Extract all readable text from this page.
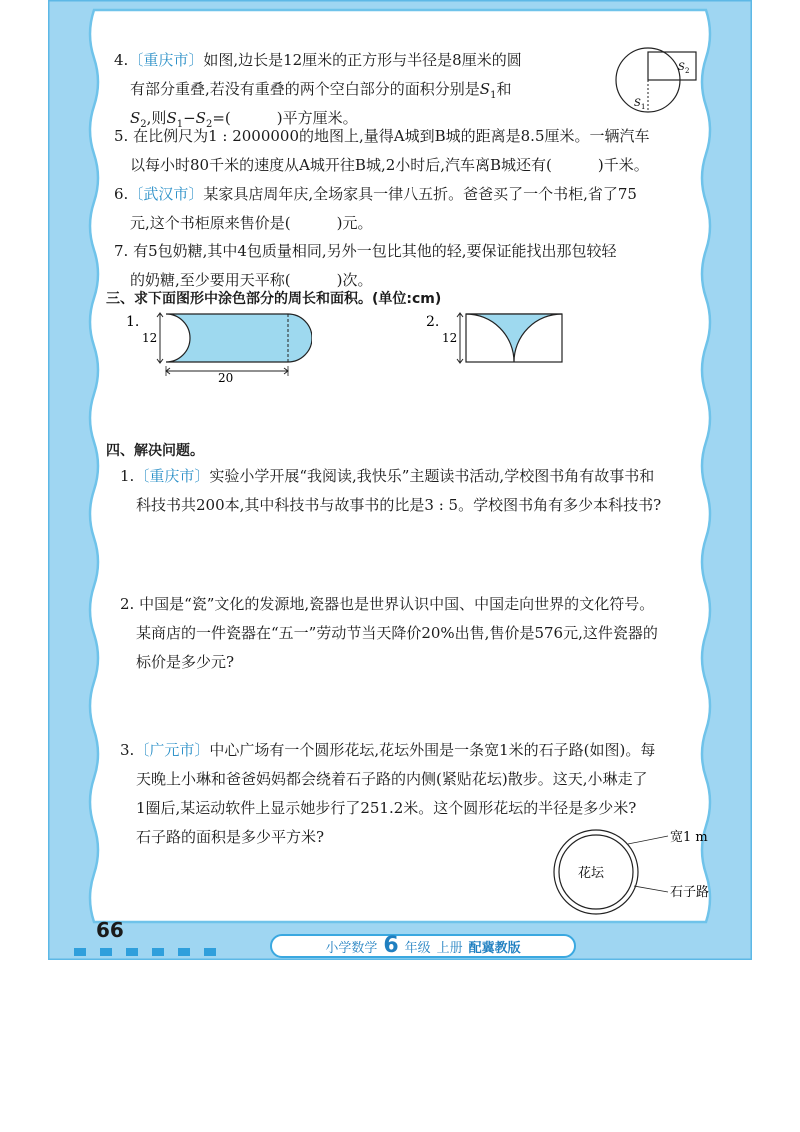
4.〔重庆市〕如图,边长是12厘米的正方形与半径是8厘米的圆
有部分重叠,若没有重叠的两个空白部分的面积分别是$S_1$和
$S_2$,则$S_1-S_2=$(	)平方厘米。
S 2
S 1
5. 在比例尺为1 : 2000000的地图上,量得A城到B城的距离是8.5厘米。一辆汽车
以每小时80千米的速度从A城开往B城,2小时后,汽车离B城还有(	)千米。
6.〔武汉市〕某家具店周年庆,全场家具一律八五折。爸爸买了一个书柜,省了75
元,这个书柜原来售价是(	)元。
7. 有5包奶糖,其中4包质量相同,另外一包比其他的轻,要保证能找出那包较轻
的奶糖,至少要用天平称(	)次。
三、求下面图形中涂色部分的周长和面积。(单位:cm)
1.
12
20
2.
12
四、解决问题。
1.〔重庆市〕实验小学开展“我阅读,我快乐”主题读书活动,学校图书角有故事书和
科技书共200本,其中科技书与故事书的比是3 : 5。学校图书角有多少本科技书?
2. 中国是“瓷”文化的发源地,瓷器也是世界认识中国、中国走向世界的文化符号。
某商店的一件瓷器在“五一”劳动节当天降价20%出售,售价是576元,这件瓷器的
标价是多少元?
3.〔广元市〕中心广场有一个圆形花坛,花坛外围是一条宽1米的石子路(如图)。每
天晚上小琳和爸爸妈妈都会绕着石子路的内侧(紧贴花坛)散步。这天,小琳走了
1圈后,某运动软件上显示她步行了251.2米。这个圆形花坛的半径是多少米?
石子路的面积是多少平方米?
花坛
宽1 m
石子路
66
小学数学 6 年级 上册 配冀教版
